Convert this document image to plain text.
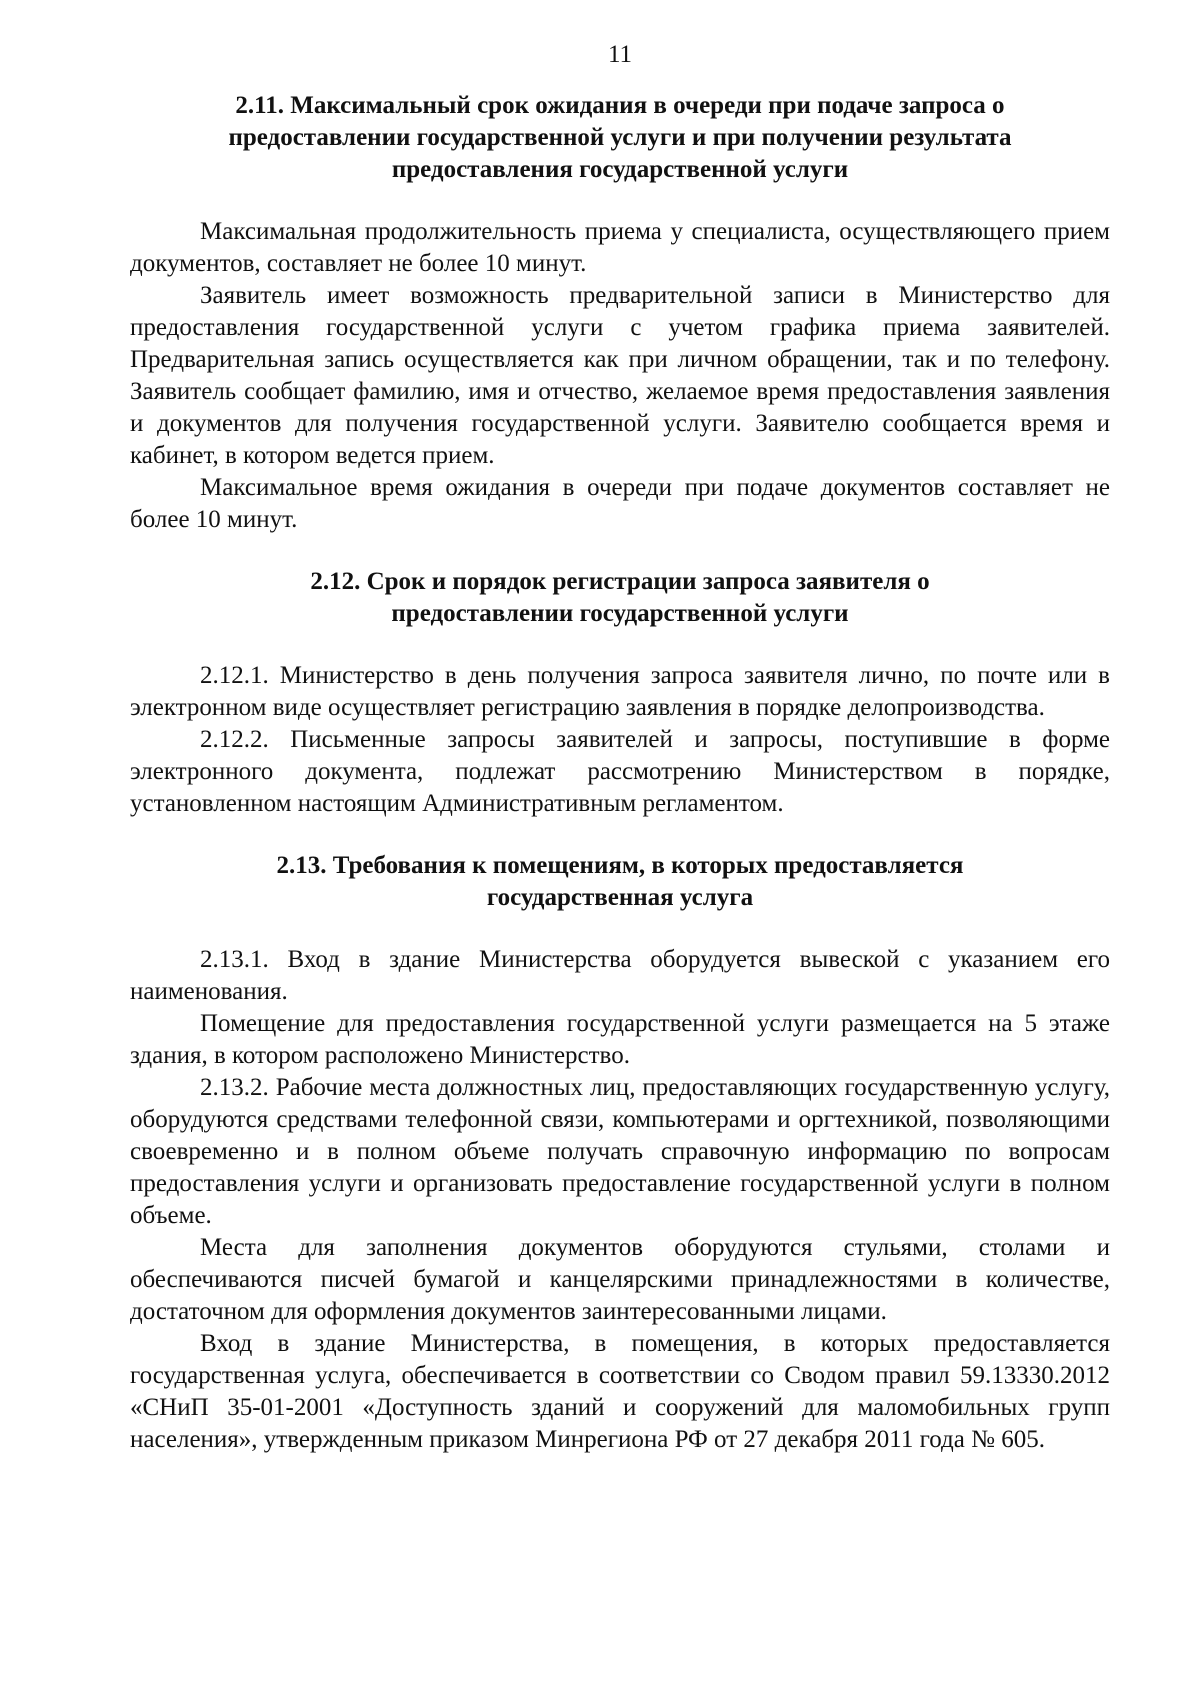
11
2.11. Максимальный срок ожидания в очереди при подаче запроса о
предоставлении государственной услуги и при получении результата
предоставления государственной услуги

Максимальная продолжительность приема у специалиста, осуществляющего прием документов, составляет не более 10 минут.

Заявитель имеет возможность предварительной записи в Министерство для предоставления государственной услуги с учетом графика приема заявителей. Предварительная запись осуществляется как при личном обращении, так и по телефону. Заявитель сообщает фамилию, имя и отчество, желаемое время предоставления заявления и документов для получения государственной услуги. Заявителю сообщается время и кабинет, в котором ведется прием.

Максимальное время ожидания в очереди при подаче документов составляет не более 10 минут.

2.12. Срок и порядок регистрации запроса заявителя о
предоставлении государственной услуги

2.12.1. Министерство в день получения запроса заявителя лично, по почте или в электронном виде осуществляет регистрацию заявления в порядке делопроизводства.

2.12.2. Письменные запросы заявителей и запросы, поступившие в форме электронного документа, подлежат рассмотрению Министерством в порядке, установленном настоящим Административным регламентом.

2.13. Требования к помещениям, в которых предоставляется
государственная услуга

2.13.1. Вход в здание Министерства оборудуется вывеской с указанием его наименования.

Помещение для предоставления государственной услуги размещается на 5 этаже здания, в котором расположено Министерство.

2.13.2. Рабочие места должностных лиц, предоставляющих государственную услугу, оборудуются средствами телефонной связи, компьютерами и оргтехникой, позволяющими своевременно и в полном объеме получать справочную информацию по вопросам предоставления услуги и организовать предоставление государственной услуги в полном объеме.

Места для заполнения документов оборудуются стульями, столами и обеспечиваются писчей бумагой и канцелярскими принадлежностями в количестве, достаточном для оформления документов заинтересованными лицами.

Вход в здание Министерства, в помещения, в которых предоставляется государственная услуга, обеспечивается в соответствии со Сводом правил 59.13330.2012 «СНиП 35-01-2001 «Доступность зданий и сооружений для маломобильных групп населения», утвержденным приказом Минрегиона РФ от 27 декабря 2011 года № 605.
